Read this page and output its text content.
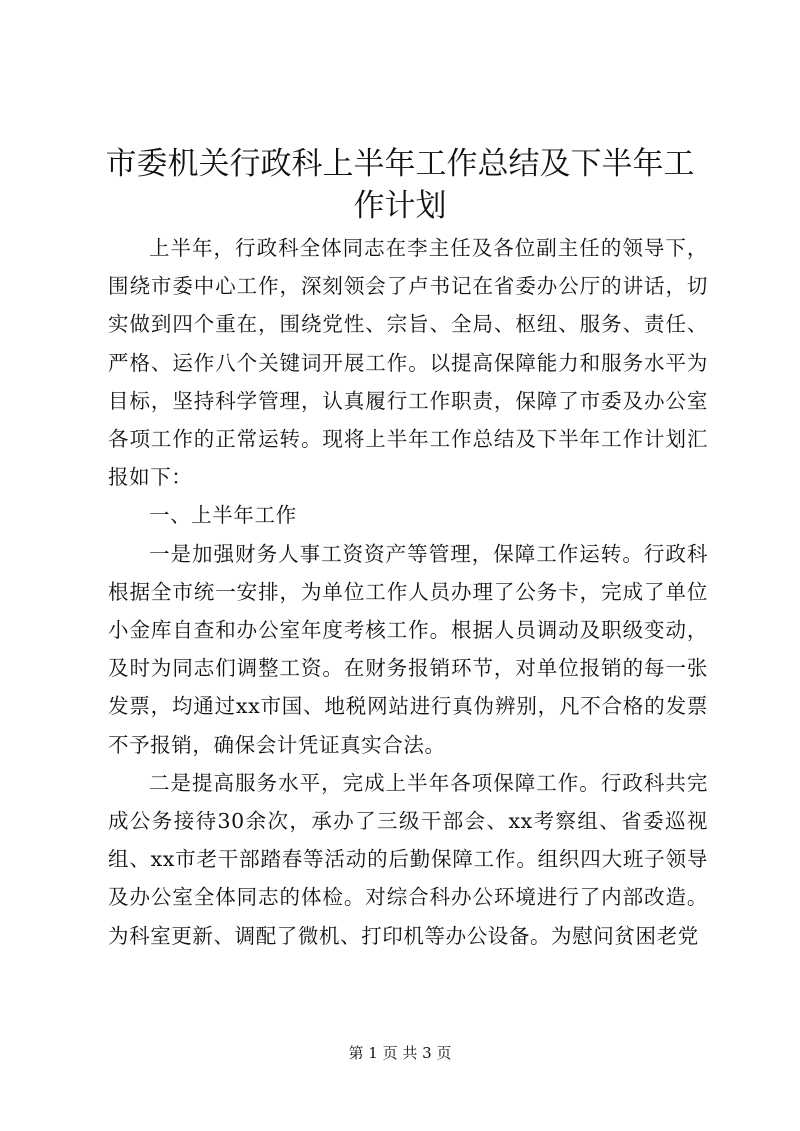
市委机关行政科上半年工作总结及下半年工作计划

上半年，行政科全体同志在李主任及各位副主任的领导下，围绕市委中心工作，深刻领会了卢书记在省委办公厅的讲话，切实做到四个重在，围绕党性、宗旨、全局、枢纽、服务、责任、严格、运作八个关键词开展工作。以提高保障能力和服务水平为目标，坚持科学管理，认真履行工作职责，保障了市委及办公室各项工作的正常运转。现将上半年工作总结及下半年工作计划汇报如下：

一、上半年工作

一是加强财务人事工资资产等管理，保障工作运转。行政科根据全市统一安排，为单位工作人员办理了公务卡，完成了单位小金库自查和办公室年度考核工作。根据人员调动及职级变动，及时为同志们调整工资。在财务报销环节，对单位报销的每一张发票，均通过xx市国、地税网站进行真伪辨别，凡不合格的发票不予报销，确保会计凭证真实合法。

二是提高服务水平，完成上半年各项保障工作。行政科共完成公务接待30余次，承办了三级干部会、xx考察组、省委巡视组、xx市老干部踏春等活动的后勤保障工作。组织四大班子领导及办公室全体同志的体检。对综合科办公环境进行了内部改造。为科室更新、调配了微机、打印机等办公设备。为慰问贫困老党

第 1 页 共 3 页
